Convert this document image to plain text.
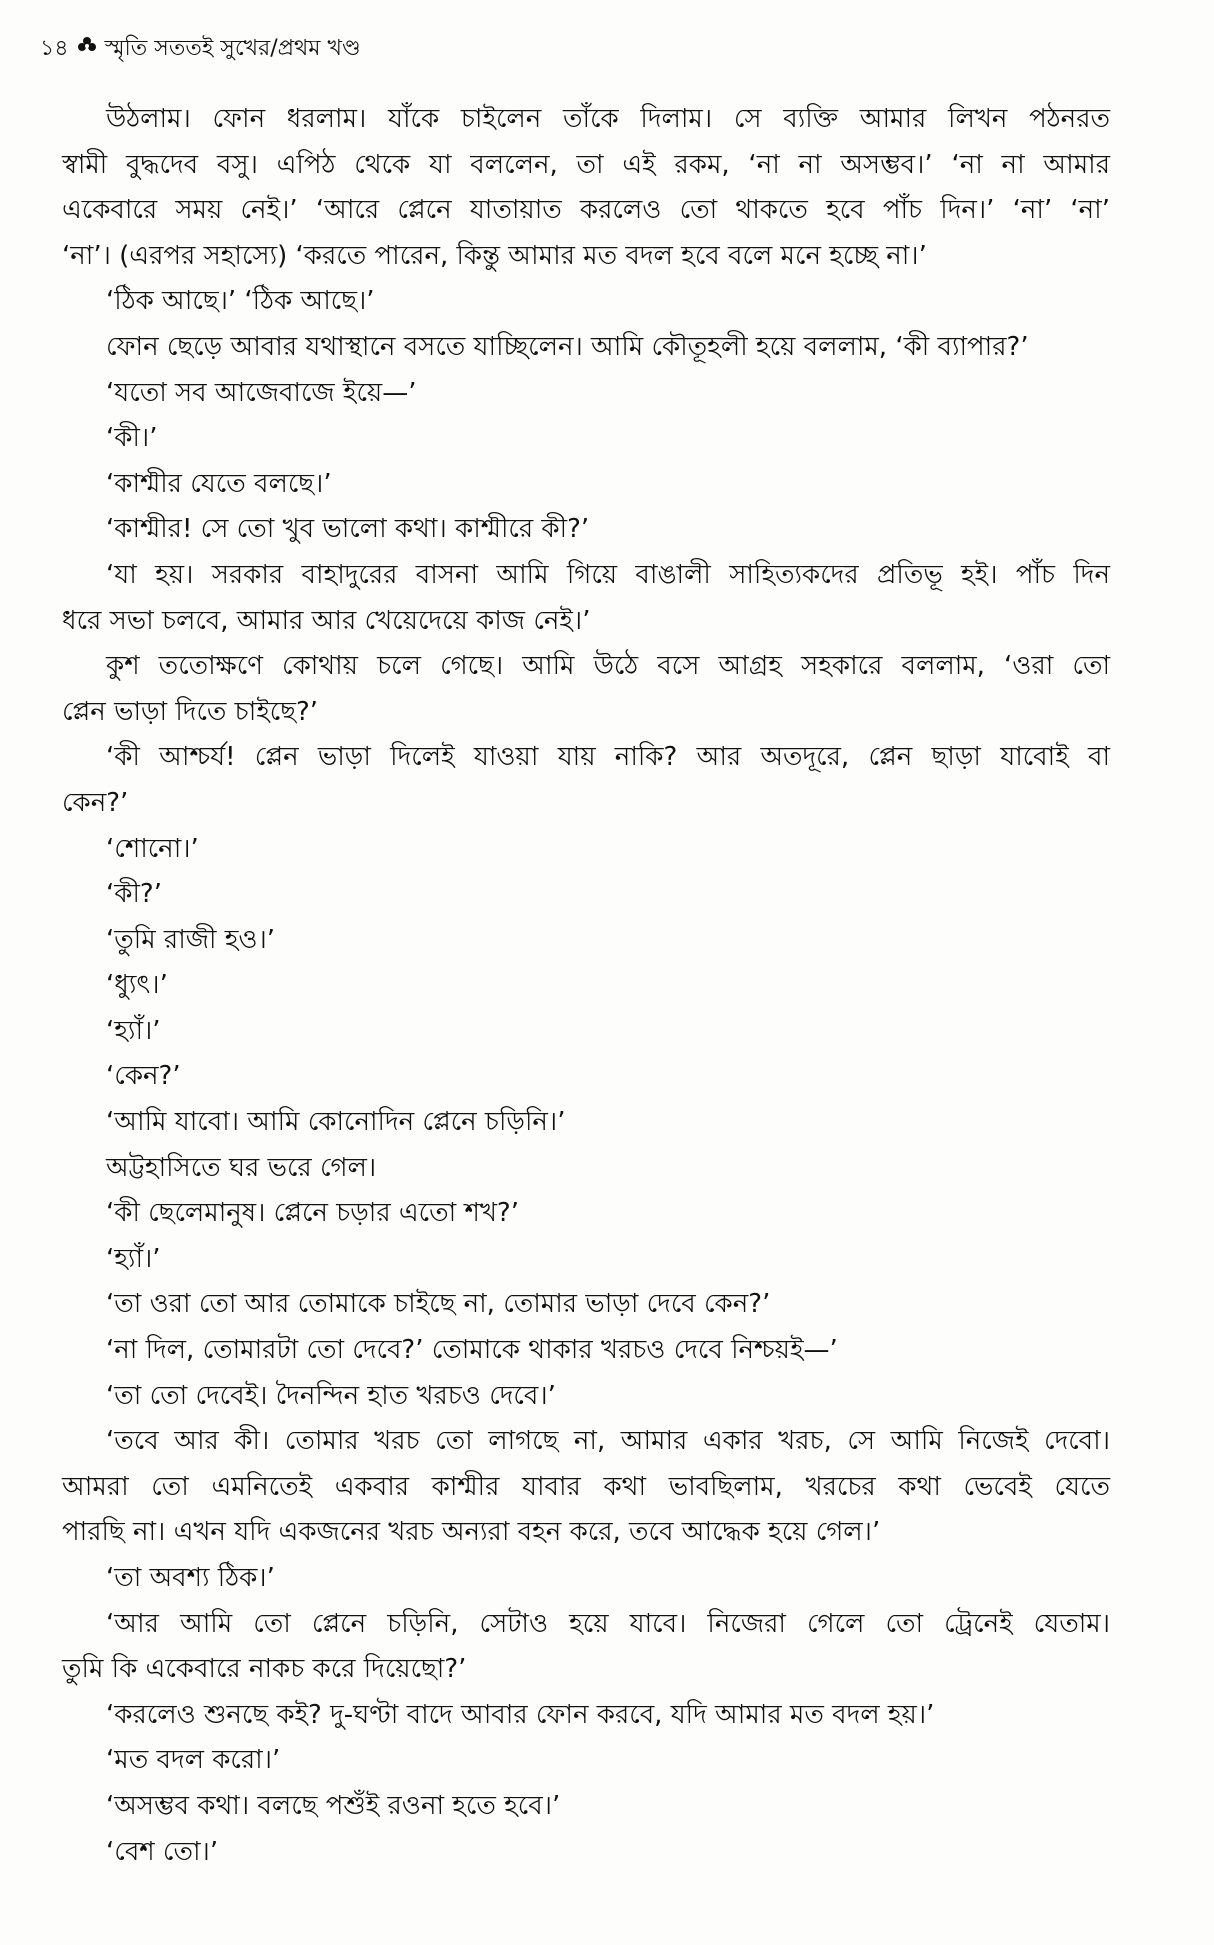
১৪ স্মৃতি সততই সুখের/প্রথম খণ্ড
উঠলাম। ফোন ধরলাম। যাঁকে চাইলেন তাঁকে দিলাম। সে ব্যক্তি আমার লিখন পঠনরত
স্বামী বুদ্ধদেব বসু। এপিঠ থেকে যা বললেন, তা এই রকম, ‘না না অসম্ভব।’ ‘না না আমার
একেবারে সময় নেই।’ ‘আরে প্লেনে যাতায়াত করলেও তো থাকতে হবে পাঁচ দিন।’ ‘না’ ‘না’
‘না’। (এরপর সহাস্যে) ‘করতে পারেন, কিন্তু আমার মত বদল হবে বলে মনে হচ্ছে না।’
‘ঠিক আছে।’ ‘ঠিক আছে।’
ফোন ছেড়ে আবার যথাস্থানে বসতে যাচ্ছিলেন। আমি কৌতূহলী হয়ে বললাম, ‘কী ব্যাপার?’
‘যতো সব আজেবাজে ইয়ে—’
‘কী।’
‘কাশ্মীর যেতে বলছে।’
‘কাশ্মীর! সে তো খুব ভালো কথা। কাশ্মীরে কী?’
‘যা হয়। সরকার বাহাদুরের বাসনা আমি গিয়ে বাঙালী সাহিত্যকদের প্রতিভূ হই। পাঁচ দিন
ধরে সভা চলবে, আমার আর খেয়েদেয়ে কাজ নেই।’
কুশ ততোক্ষণে কোথায় চলে গেছে। আমি উঠে বসে আগ্রহ সহকারে বললাম, ‘ওরা তো
প্লেন ভাড়া দিতে চাইছে?’
‘কী আশ্চর্য! প্লেন ভাড়া দিলেই যাওয়া যায় নাকি? আর অতদূরে, প্লেন ছাড়া যাবোই বা
কেন?’
‘শোনো।’
‘কী?’
‘তুমি রাজী হও।’
‘ধ্যুৎ।’
‘হ্যাঁ।’
‘কেন?’
‘আমি যাবো। আমি কোনোদিন প্লেনে চড়িনি।’
অট্টহাসিতে ঘর ভরে গেল।
‘কী ছেলেমানুষ। প্লেনে চড়ার এতো শখ?’
‘হ্যাঁ।’
‘তা ওরা তো আর তোমাকে চাইছে না, তোমার ভাড়া দেবে কেন?’
‘না দিল, তোমারটা তো দেবে?’ তোমাকে থাকার খরচও দেবে নিশ্চয়ই—’
‘তা তো দেবেই। দৈনন্দিন হাত খরচও দেবে।’
‘তবে আর কী। তোমার খরচ তো লাগছে না, আমার একার খরচ, সে আমি নিজেই দেবো।
আমরা তো এমনিতেই একবার কাশ্মীর যাবার কথা ভাবছিলাম, খরচের কথা ভেবেই যেতে
পারছি না। এখন যদি একজনের খরচ অন্যরা বহন করে, তবে আদ্ধেক হয়ে গেল।’
‘তা অবশ্য ঠিক।’
‘আর আমি তো প্লেনে চড়িনি, সেটাও হয়ে যাবে। নিজেরা গেলে তো ট্রেনেই যেতাম।
তুমি কি একেবারে নাকচ করে দিয়েছো?’
‘করলেও শুনছে কই? দু-ঘণ্টা বাদে আবার ফোন করবে, যদি আমার মত বদল হয়।’
‘মত বদল করো।’
‘অসম্ভব কথা। বলছে পশুঁই রওনা হতে হবে।’
‘বেশ তো।’
